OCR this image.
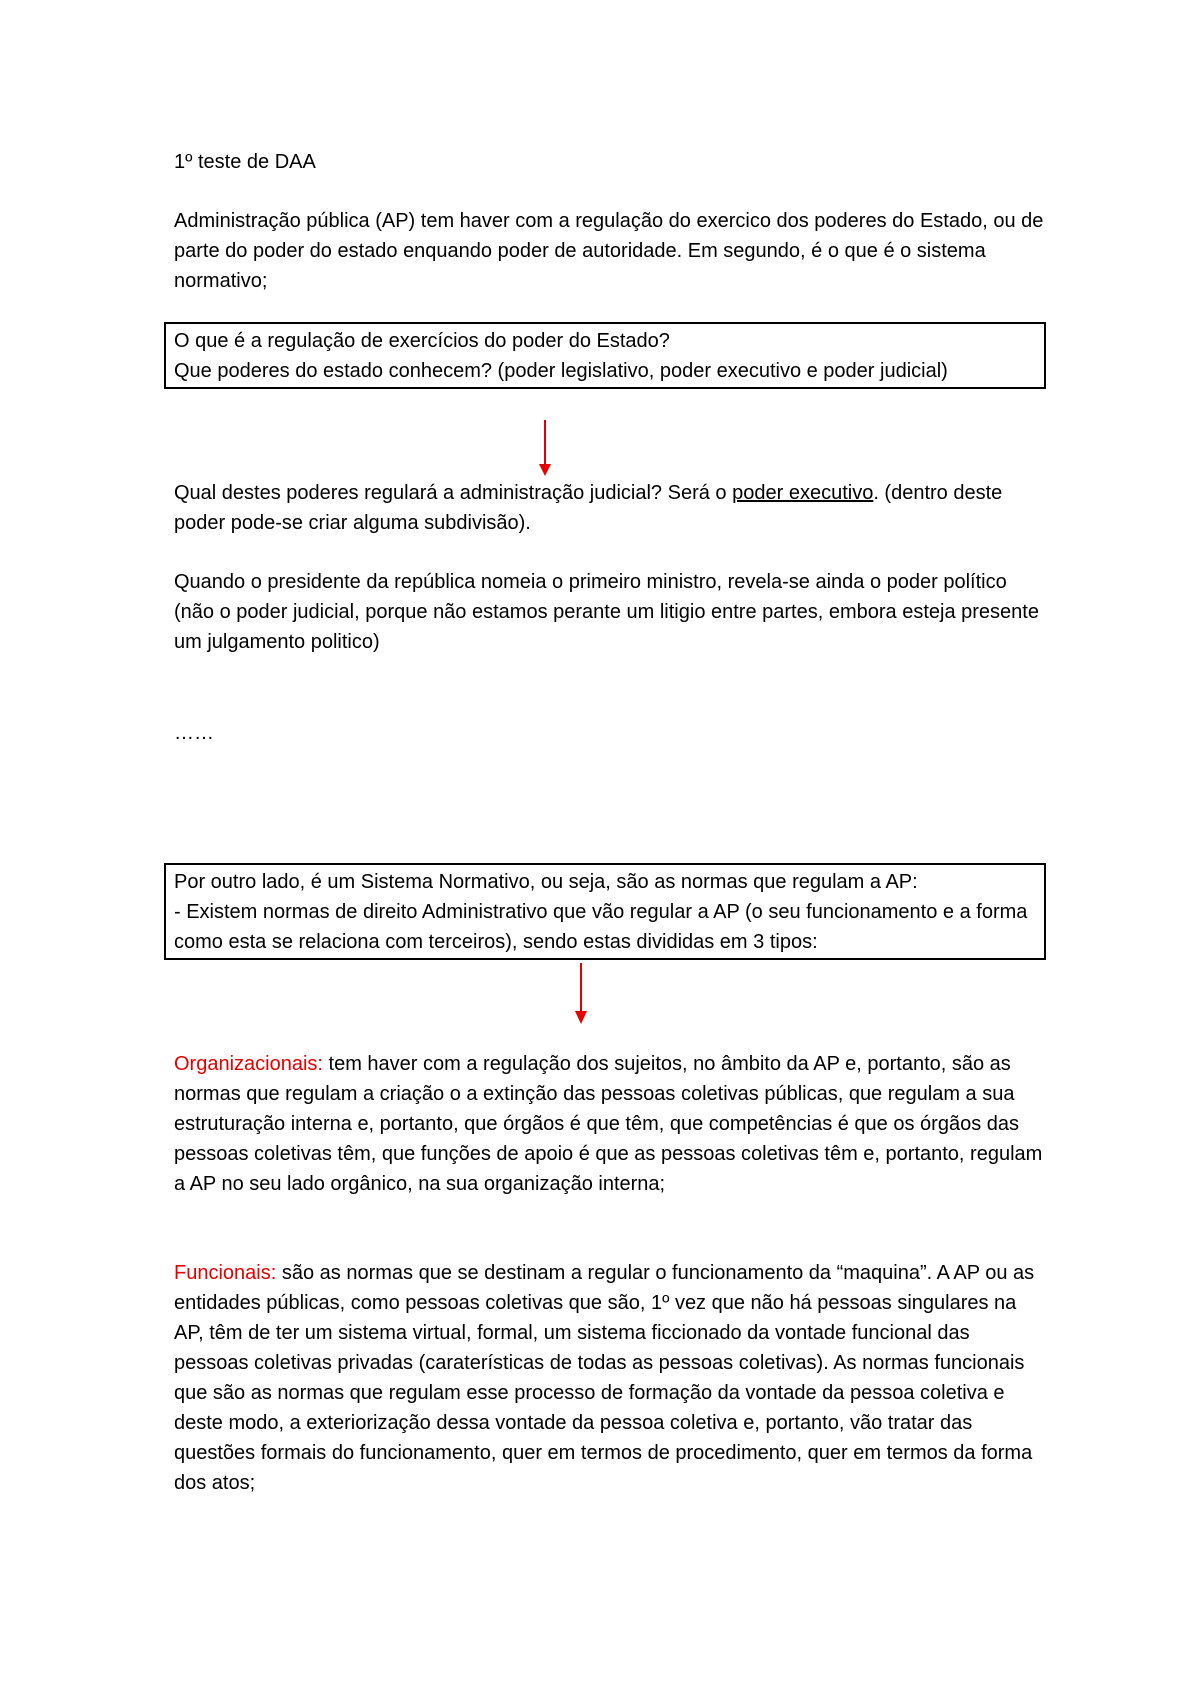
1º teste de DAA

Administração pública (AP) tem haver com a regulação do exercico dos poderes do Estado, ou de parte do poder do estado enquando poder de autoridade. Em segundo, é o que é o sistema normativo;

O que é a regulação de exercícios do poder do Estado?

Que poderes do estado conhecem? (poder legislativo, poder executivo e poder judicial)

Qual destes poderes regulará a administração judicial? Será o poder executivo. (dentro deste poder pode-se criar alguma subdivisão).

Quando o presidente da república nomeia o primeiro ministro, revela-se ainda o poder político (não o poder judicial, porque não estamos perante um litigio entre partes, embora esteja presente um julgamento politico)

……

Por outro lado, é um Sistema Normativo, ou seja, são as normas que regulam a AP:

- Existem normas de direito Administrativo que vão regular a AP (o seu funcionamento e a forma como esta se relaciona com terceiros), sendo estas divididas em 3 tipos:

Organizacionais: tem haver com a regulação dos sujeitos, no âmbito da AP e, portanto, são as normas que regulam a criação o a extinção das pessoas coletivas públicas, que regulam a sua estruturação interna e, portanto, que órgãos é que têm, que competências é que os órgãos das pessoas coletivas têm, que funções de apoio é que as pessoas coletivas têm e, portanto, regulam a AP no seu lado orgânico, na sua organização interna;

Funcionais: são as normas que se destinam a regular o funcionamento da “maquina”. A AP ou as entidades públicas, como pessoas coletivas que são, 1º vez que não há pessoas singulares na AP, têm de ter um sistema virtual, formal, um sistema ficcionado da vontade funcional das pessoas coletivas privadas (caraterísticas de todas as pessoas coletivas). As normas funcionais que são as normas que regulam esse processo de formação da vontade da pessoa coletiva e deste modo, a exteriorização dessa vontade da pessoa coletiva e, portanto, vão tratar das questões formais do funcionamento, quer em termos de procedimento, quer em termos da forma dos atos;
